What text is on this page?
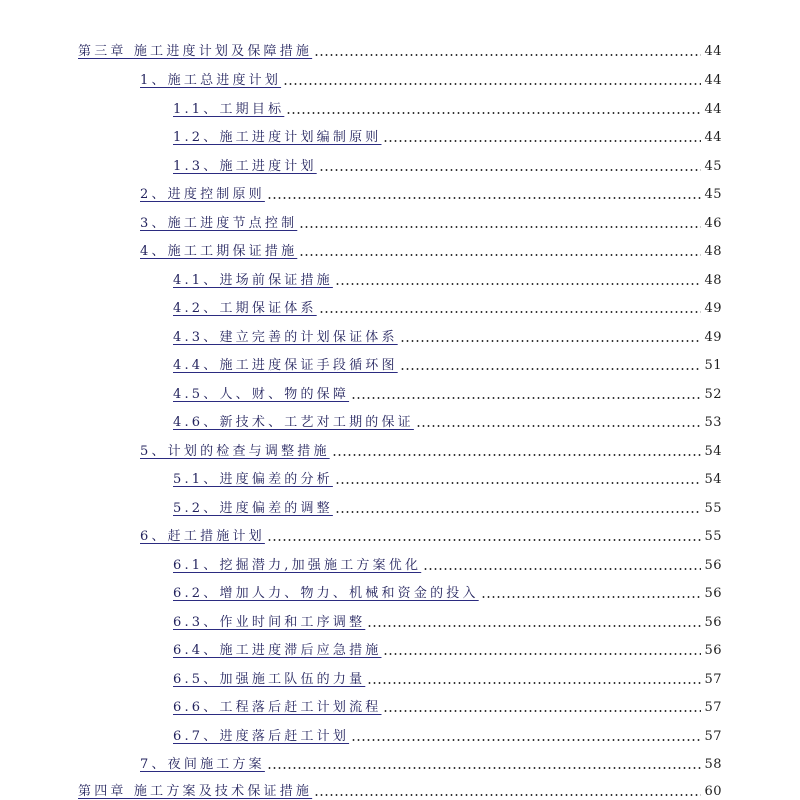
第三章 施工进度计划及保障措施	44
1、施工总进度计划	44
1.1、工期目标	44
1.2、施工进度计划编制原则	44
1.3、施工进度计划	45
2、进度控制原则	45
3、施工进度节点控制	46
4、施工工期保证措施	48
4.1、进场前保证措施	48
4.2、工期保证体系	49
4.3、建立完善的计划保证体系	49
4.4、施工进度保证手段循环图	51
4.5、人、财、物的保障	52
4.6、新技术、工艺对工期的保证	53
5、计划的检查与调整措施	54
5.1、进度偏差的分析	54
5.2、进度偏差的调整	55
6、赶工措施计划	55
6.1、挖掘潜力,加强施工方案优化	56
6.2、增加人力、物力、机械和资金的投入	56
6.3、作业时间和工序调整	56
6.4、施工进度滞后应急措施	56
6.5、加强施工队伍的力量	57
6.6、工程落后赶工计划流程	57
6.7、进度落后赶工计划	57
7、夜间施工方案	58
第四章 施工方案及技术保证措施	60
